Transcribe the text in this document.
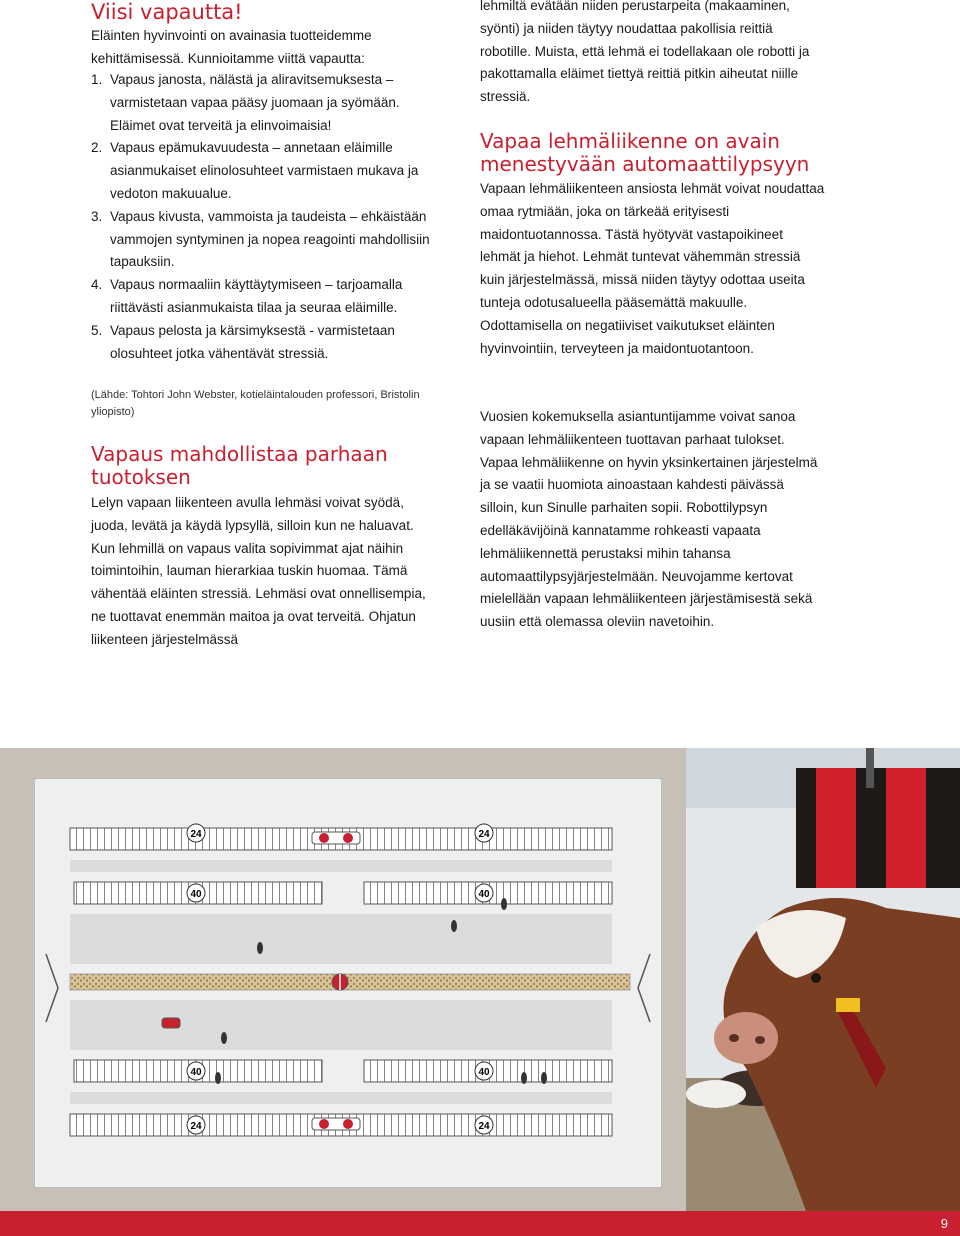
Viisi vapautta!

Eläinten hyvinvointi on avainasia tuotteidemme kehittämisessä. Kunnioitamme viittä vapautta:

1. Vapaus janosta, nälästä ja aliravitsemuksesta – varmistetaan vapaa pääsy juomaan ja syömään. Eläimet ovat terveitä ja elinvoimaisia!
2. Vapaus epämukavuudesta – annetaan eläimille asianmukaiset elinolosuhteet varmistaen mukava ja vedoton makuualue.
3. Vapaus kivusta, vammoista ja taudeista – ehkäistään vammojen syntyminen ja nopea reagointi mahdollisiin tapauksiin.
4. Vapaus normaaliin käyttäytymiseen – tarjoamalla riittävästi asianmukaista tilaa ja seuraa eläimille.
5. Vapaus pelosta ja kärsimyksestä - varmistetaan olosuhteet jotka vähentävät stressiä.

(Lähde: Tohtori John Webster, kotieläintalouden professori, Bristolin yliopisto)

Vapaus mahdollistaa parhaan tuotoksen

Lelyn vapaan liikenteen avulla lehmäsi voivat syödä, juoda, levätä ja käydä lypsyllä, silloin kun ne haluavat. Kun lehmillä on vapaus valita sopivimmat ajat näihin toimintoihin, lauman hierarkiaa tuskin huomaa. Tämä vähentää eläinten stressiä. Lehmäsi ovat onnellisempia, ne tuottavat enemmän maitoa ja ovat terveitä. Ohjatun liikenteen järjestelmässä

lehmiltä evätään niiden perustarpeita (makaaminen, syönti) ja niiden täytyy noudattaa pakollisia reittiä robotille. Muista, että lehmä ei todellakaan ole robotti ja pakottamalla eläimet tiettyä reittiä pitkin aiheutat niille stressiä.

Vapaa lehmäliikenne on avain menestyvään automaattilypsyyn

Vapaan lehmäliikenteen ansiosta lehmät voivat noudattaa omaa rytmiään, joka on tärkeää erityisesti maidontuotannossa. Tästä hyötyvät vastapoikineet lehmät ja hiehot. Lehmät tuntevat vähemmän stressiä kuin järjestelmässä, missä niiden täytyy odottaa useita tunteja odotusalueella pääsemättä makuulle. Odottamisella on negatiiviset vaikutukset eläinten hyvinvointiin, terveyteen ja maidontuotantoon.

Vuosien kokemuksella asiantuntijamme voivat sanoa vapaan lehmäliikenteen tuottavan parhaat tulokset. Vapaa lehmäliikenne on hyvin yksinkertainen järjestelmä ja se vaatii huomiota ainoastaan kahdesti päivässä silloin, kun Sinulle parhaiten sopii. Robottilypsyn edelläkävijöinä kannatamme rohkeasti vapaata lehmäliikennettä perustaksi mihin tahansa automaattilypsyjärjestelmään. Neuvojamme kertovat mielellään vapaan lehmäliikenteen järjestämisestä sekä uusiin että olemassa oleviin navetoihin.

24	24
40	40
40	40
24	24
9
